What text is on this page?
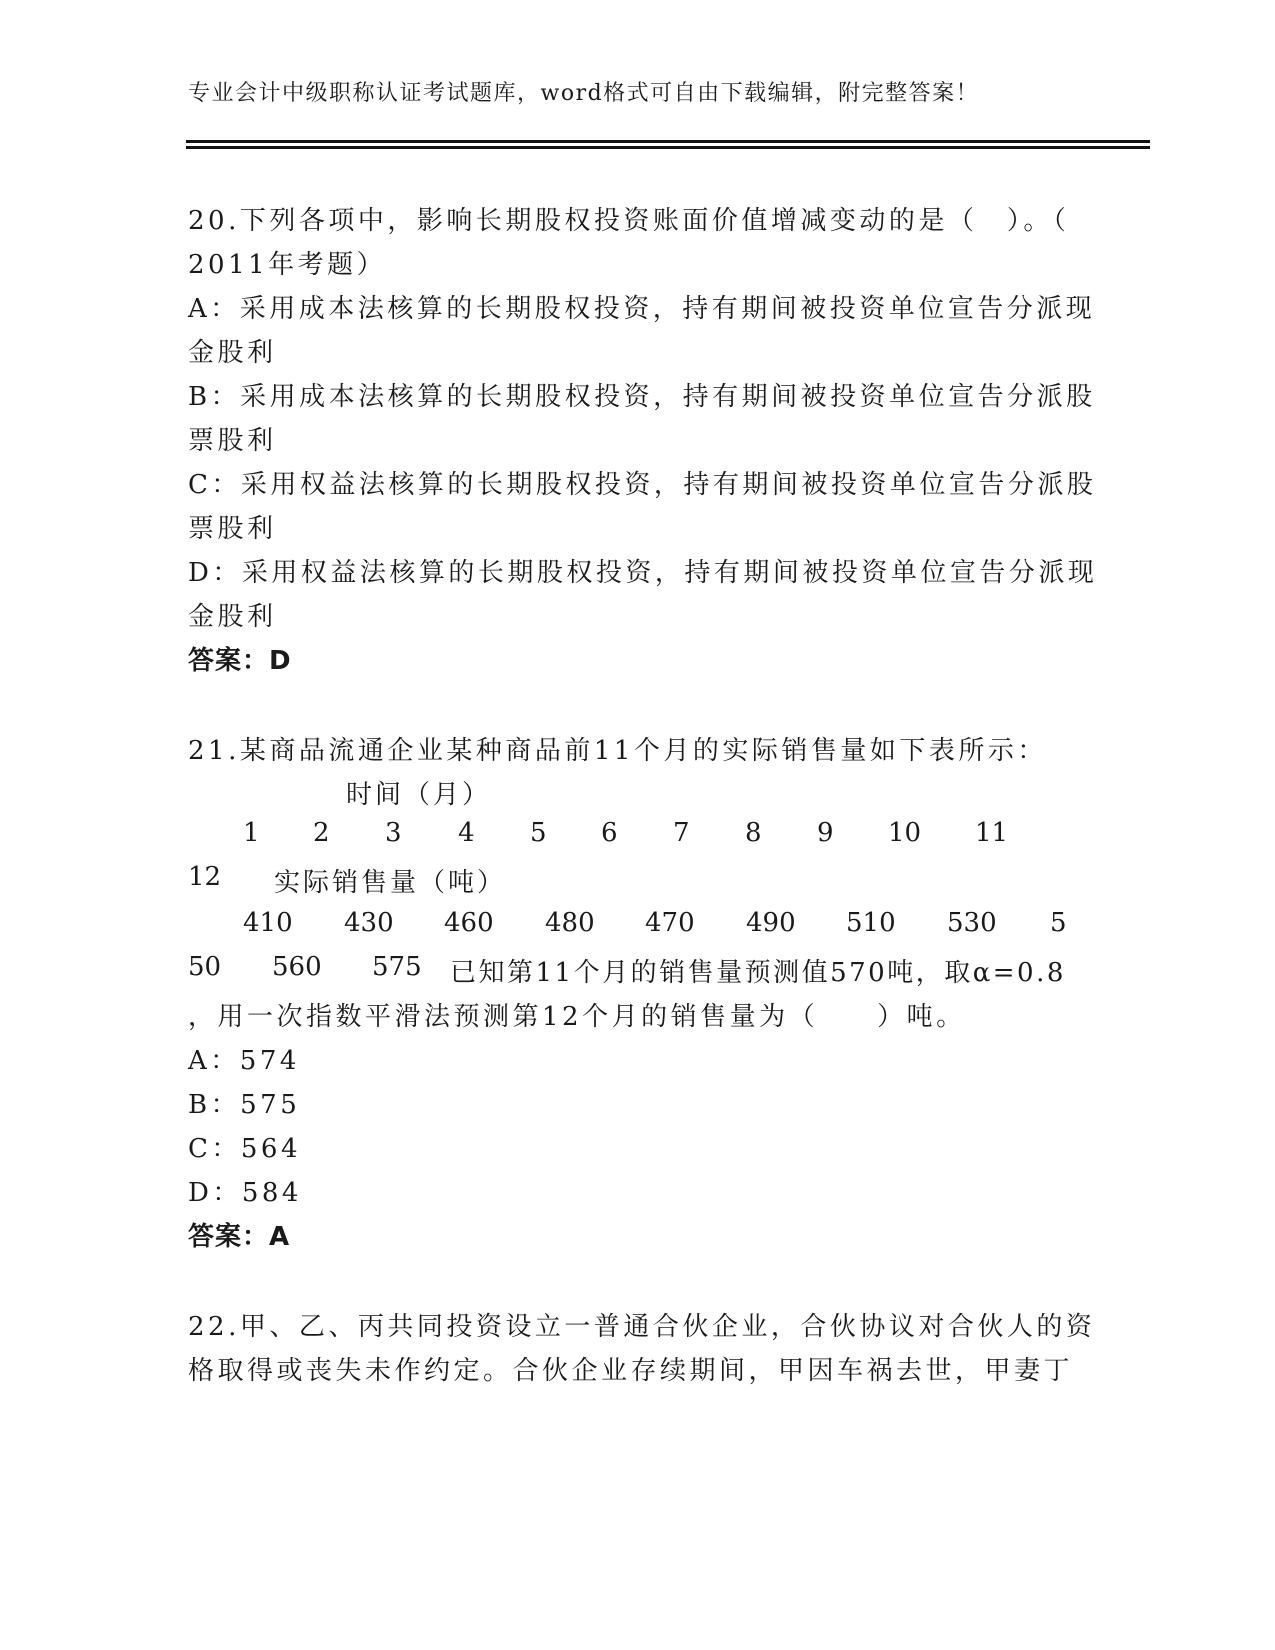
专业会计中级职称认证考试题库，word格式可自由下载编辑，附完整答案！
20.下列各项中，影响长期股权投资账面价值增减变动的是（　）。（
2011年考题）
A：采用成本法核算的长期股权投资，持有期间被投资单位宣告分派现
金股利
B：采用成本法核算的长期股权投资，持有期间被投资单位宣告分派股
票股利
C：采用权益法核算的长期股权投资，持有期间被投资单位宣告分派股
票股利
D：采用权益法核算的长期股权投资，持有期间被投资单位宣告分派现
金股利
答案：D
21.某商品流通企业某种商品前11个月的实际销售量如下表所示：
时间（月）
1 2 3 4 5 6 7 8 9 10 11
12 实际销售量（吨）
410 430 460 480 470 490 510 530 5
50 560 575 已知第11个月的销售量预测值570吨，取α=0.8
，用一次指数平滑法预测第12个月的销售量为（　　）吨。
A：574
B：575
C：564
D：584
答案：A
22.甲、乙、丙共同投资设立一普通合伙企业，合伙协议对合伙人的资
格取得或丧失未作约定。合伙企业存续期间，甲因车祸去世，甲妻丁
